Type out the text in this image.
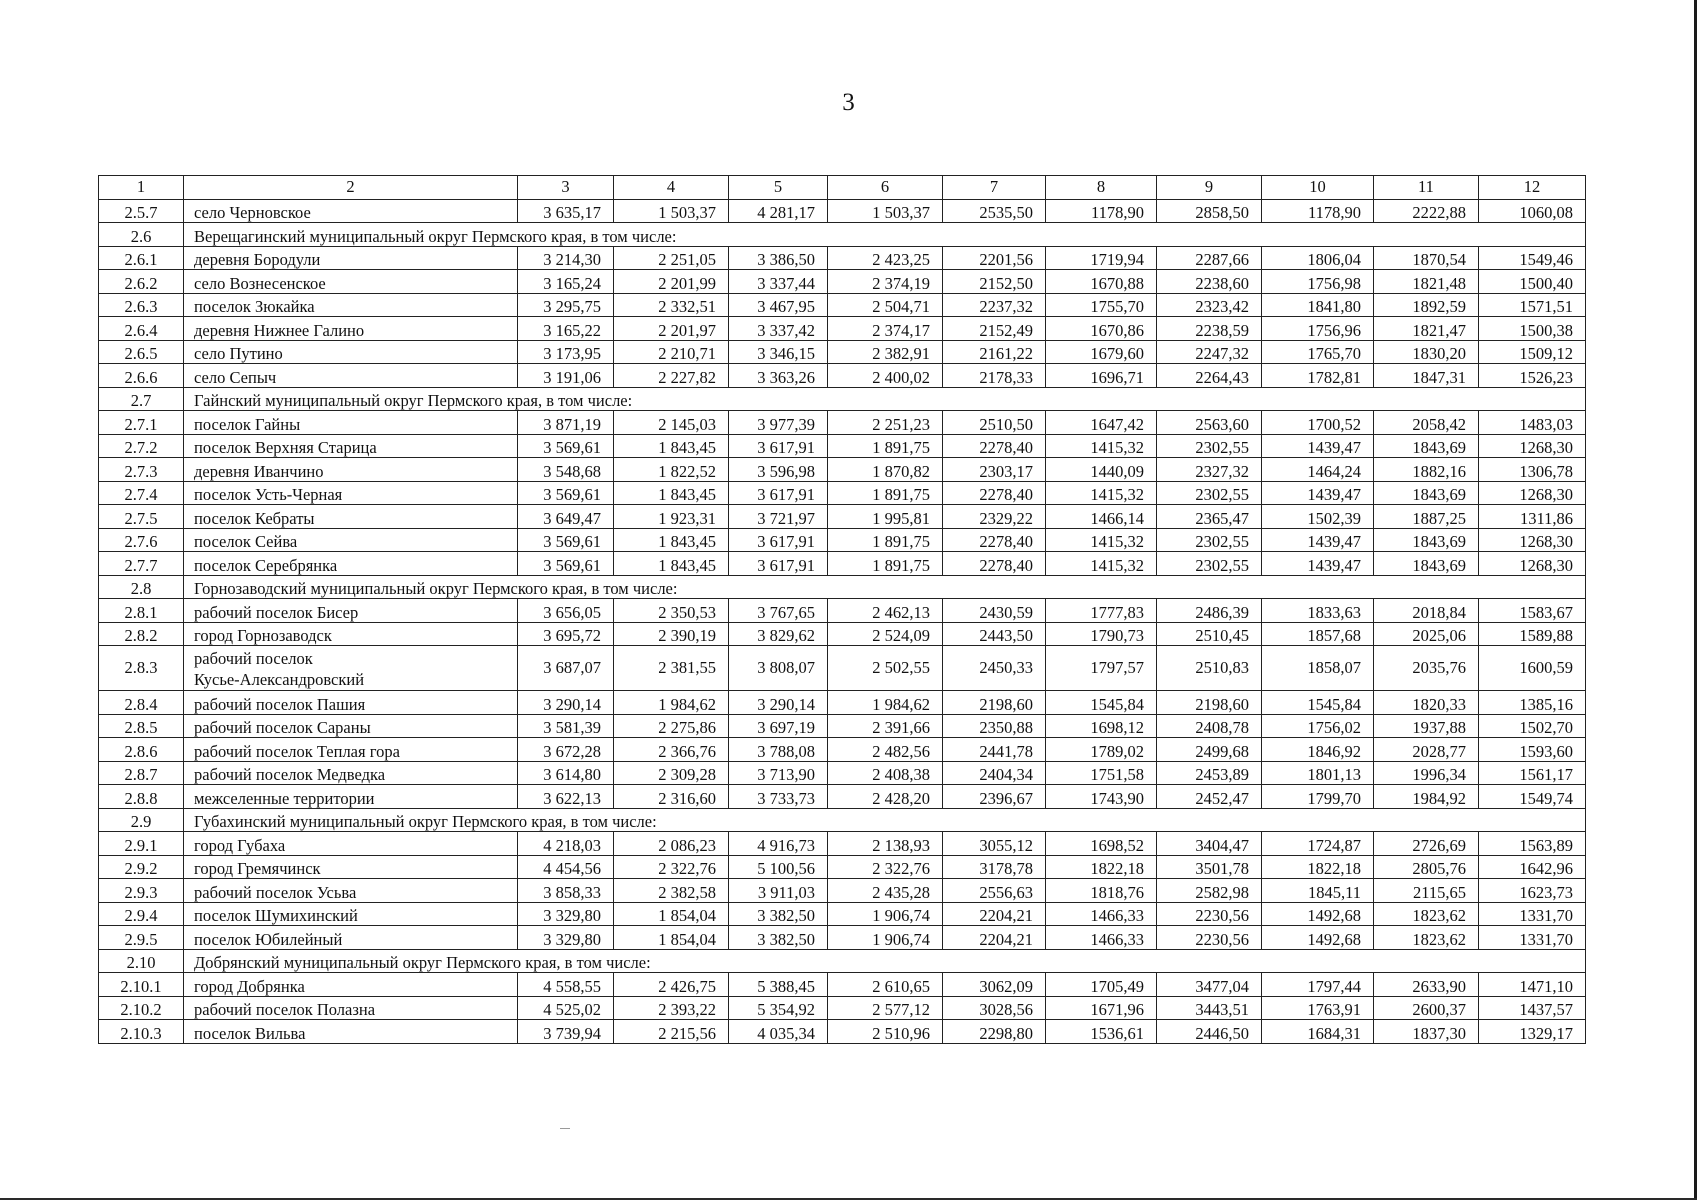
3
1	2	3	4	5	6	7	8	9	10	11	12
2.5.7	село Черновское	3 635,17	1 503,37	4 281,17	1 503,37	2535,50	1178,90	2858,50	1178,90	2222,88	1060,08
2.6	Верещагинский муниципальный округ Пермского края, в том числе:										
2.6.1	деревня Бородули	3 214,30	2 251,05	3 386,50	2 423,25	2201,56	1719,94	2287,66	1806,04	1870,54	1549,46
2.6.2	село Вознесенское	3 165,24	2 201,99	3 337,44	2 374,19	2152,50	1670,88	2238,60	1756,98	1821,48	1500,40
2.6.3	поселок Зюкайка	3 295,75	2 332,51	3 467,95	2 504,71	2237,32	1755,70	2323,42	1841,80	1892,59	1571,51
2.6.4	деревня Нижнее Галино	3 165,22	2 201,97	3 337,42	2 374,17	2152,49	1670,86	2238,59	1756,96	1821,47	1500,38
2.6.5	село Путино	3 173,95	2 210,71	3 346,15	2 382,91	2161,22	1679,60	2247,32	1765,70	1830,20	1509,12
2.6.6	село Сепыч	3 191,06	2 227,82	3 363,26	2 400,02	2178,33	1696,71	2264,43	1782,81	1847,31	1526,23
2.7	Гайнский муниципальный округ Пермского края, в том числе:										
2.7.1	поселок Гайны	3 871,19	2 145,03	3 977,39	2 251,23	2510,50	1647,42	2563,60	1700,52	2058,42	1483,03
2.7.2	поселок Верхняя Старица	3 569,61	1 843,45	3 617,91	1 891,75	2278,40	1415,32	2302,55	1439,47	1843,69	1268,30
2.7.3	деревня Иванчино	3 548,68	1 822,52	3 596,98	1 870,82	2303,17	1440,09	2327,32	1464,24	1882,16	1306,78
2.7.4	поселок Усть-Черная	3 569,61	1 843,45	3 617,91	1 891,75	2278,40	1415,32	2302,55	1439,47	1843,69	1268,30
2.7.5	поселок Кебраты	3 649,47	1 923,31	3 721,97	1 995,81	2329,22	1466,14	2365,47	1502,39	1887,25	1311,86
2.7.6	поселок Сейва	3 569,61	1 843,45	3 617,91	1 891,75	2278,40	1415,32	2302,55	1439,47	1843,69	1268,30
2.7.7	поселок Серебрянка	3 569,61	1 843,45	3 617,91	1 891,75	2278,40	1415,32	2302,55	1439,47	1843,69	1268,30
2.8	Горнозаводский муниципальный округ Пермского края, в том числе:										
2.8.1	рабочий поселок Бисер	3 656,05	2 350,53	3 767,65	2 462,13	2430,59	1777,83	2486,39	1833,63	2018,84	1583,67
2.8.2	город Горнозаводск	3 695,72	2 390,19	3 829,62	2 524,09	2443,50	1790,73	2510,45	1857,68	2025,06	1589,88
2.8.3	рабочий поселок
Кусье-Александровский	3 687,07	2 381,55	3 808,07	2 502,55	2450,33	1797,57	2510,83	1858,07	2035,76	1600,59
2.8.4	рабочий поселок Пашия	3 290,14	1 984,62	3 290,14	1 984,62	2198,60	1545,84	2198,60	1545,84	1820,33	1385,16
2.8.5	рабочий поселок Сараны	3 581,39	2 275,86	3 697,19	2 391,66	2350,88	1698,12	2408,78	1756,02	1937,88	1502,70
2.8.6	рабочий поселок Теплая гора	3 672,28	2 366,76	3 788,08	2 482,56	2441,78	1789,02	2499,68	1846,92	2028,77	1593,60
2.8.7	рабочий поселок Медведка	3 614,80	2 309,28	3 713,90	2 408,38	2404,34	1751,58	2453,89	1801,13	1996,34	1561,17
2.8.8	межселенные территории	3 622,13	2 316,60	3 733,73	2 428,20	2396,67	1743,90	2452,47	1799,70	1984,92	1549,74
2.9	Губахинский муниципальный округ Пермского края, в том числе:										
2.9.1	город Губаха	4 218,03	2 086,23	4 916,73	2 138,93	3055,12	1698,52	3404,47	1724,87	2726,69	1563,89
2.9.2	город Гремячинск	4 454,56	2 322,76	5 100,56	2 322,76	3178,78	1822,18	3501,78	1822,18	2805,76	1642,96
2.9.3	рабочий поселок Усьва	3 858,33	2 382,58	3 911,03	2 435,28	2556,63	1818,76	2582,98	1845,11	2115,65	1623,73
2.9.4	поселок Шумихинский	3 329,80	1 854,04	3 382,50	1 906,74	2204,21	1466,33	2230,56	1492,68	1823,62	1331,70
2.9.5	поселок Юбилейный	3 329,80	1 854,04	3 382,50	1 906,74	2204,21	1466,33	2230,56	1492,68	1823,62	1331,70
2.10	Добрянский муниципальный округ Пермского края, в том числе:										
2.10.1	город Добрянка	4 558,55	2 426,75	5 388,45	2 610,65	3062,09	1705,49	3477,04	1797,44	2633,90	1471,10
2.10.2	рабочий поселок Полазна	4 525,02	2 393,22	5 354,92	2 577,12	3028,56	1671,96	3443,51	1763,91	2600,37	1437,57
2.10.3	поселок Вильва	3 739,94	2 215,56	4 035,34	2 510,96	2298,80	1536,61	2446,50	1684,31	1837,30	1329,17
